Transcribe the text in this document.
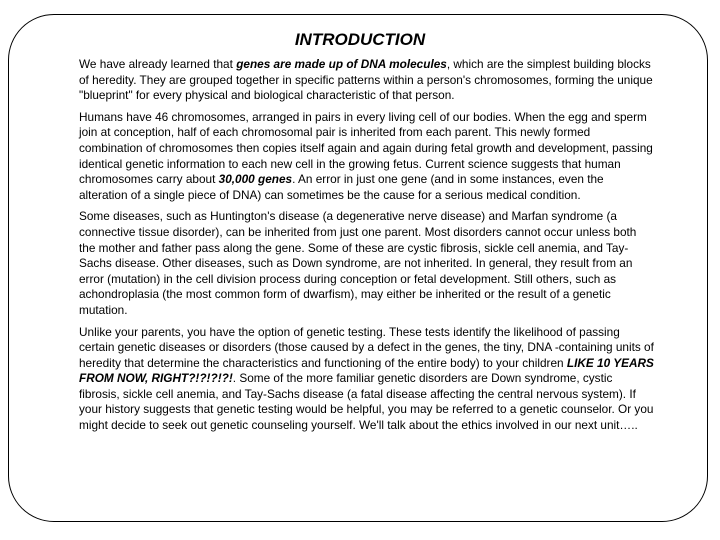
INTRODUCTION

We have already learned that genes are made up of DNA molecules, which are the simplest building blocks of heredity. They are grouped together in specific patterns within a person's chromosomes, forming the unique "blueprint" for every physical and biological characteristic of that person.

Humans have 46 chromosomes, arranged in pairs in every living cell of our bodies. When the egg and sperm join at conception, half of each chromosomal pair is inherited from each parent. This newly formed combination of chromosomes then copies itself again and again during fetal growth and development, passing identical genetic information to each new cell in the growing fetus. Current science suggests that human chromosomes carry about 30,000 genes. An error in just one gene (and in some instances, even the alteration of a single piece of DNA) can sometimes be the cause for a serious medical condition.

Some diseases, such as Huntington's disease (a degenerative nerve disease) and Marfan syndrome (a connective tissue disorder), can be inherited from just one parent. Most disorders cannot occur unless both the mother and father pass along the gene. Some of these are cystic fibrosis, sickle cell anemia, and Tay-Sachs disease. Other diseases, such as Down syndrome, are not inherited. In general, they result from an error (mutation) in the cell division process during conception or fetal development. Still others, such as achondroplasia (the most common form of dwarfism), may either be inherited or the result of a genetic mutation.

Unlike your parents, you have the option of genetic testing. These tests identify the likelihood of passing certain genetic diseases or disorders (those caused by a defect in the genes, the tiny, DNA -containing units of heredity that determine the characteristics and functioning of the entire body) to your children LIKE 10 YEARS FROM NOW, RIGHT?!?!?!?!. Some of the more familiar genetic disorders are Down syndrome, cystic fibrosis, sickle cell anemia, and Tay-Sachs disease (a fatal disease affecting the central nervous system). If your history suggests that genetic testing would be helpful, you may be referred to a genetic counselor. Or you might decide to seek out genetic counseling yourself. We'll talk about the ethics involved in our next unit…..
